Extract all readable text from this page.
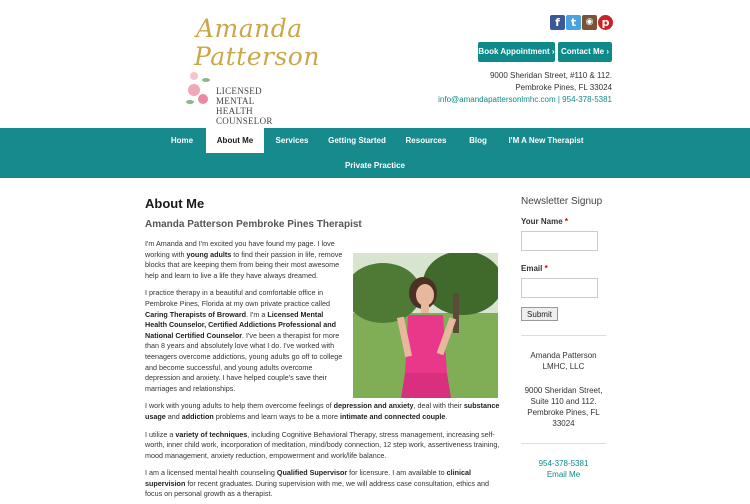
Amanda
Patterson
LICENSED MENTAL
HEALTH COUNSELOR
f t	◉ p
Book Appointment › Contact Me ›
9000 Sheridan Street, #110 & 112.
Pembroke Pines, FL 33024
info@amandapattersonlmhc.com | 954-378-5381
Home	About Me	Services	Getting Started	Resources	Blog	I'M A New Therapist
Private Practice
About Me
Amanda Patterson Pembroke Pines Therapist

I'm Amanda and I'm excited you have found my page. I love working with young adults to find their passion in life, remove blocks that are keeping them from being their most awesome help and learn to live a life they have always dreamed.

I practice therapy in a beautiful and comfortable office in Pembroke Pines, Florida at my own private practice called Caring Therapists of Broward. I'm a Licensed Mental Health Counselor, Certified Addictions Professional and National Certified Counselor. I've been a therapist for more than 8 years and absolutely love what I do. I've worked with teenagers overcome addictions, young adults go off to college and become successful, and young adults overcome depression and anxiety. I have helped couple's save their marriages and relationships.

I work with young adults to help them overcome feelings of depression and anxiety, deal with their substance usage and addiction problems and learn ways to be a more intimate and connected couple.

I utilize a variety of techniques, including Cognitive Behavioral Therapy, stress management, increasing self-worth, inner child work, incorporation of meditation, mind/body connection, 12 step work, assertiveness training, mood management, anxiety reduction, empowerment and work/life balance.

I am a licensed mental health counseling Qualified Supervisor for licensure. I am available to clinical supervision for recent graduates. During supervision with me, we will address case consultation, ethics and focus on personal growth as a therapist.

Newsletter Signup
Your Name *
Email *
Submit
Amanda Patterson
LMHC, LLC
9000 Sheridan Street,
Suite 110 and 112.
Pembroke Pines, FL
33024
954-378-5381
Email Me
